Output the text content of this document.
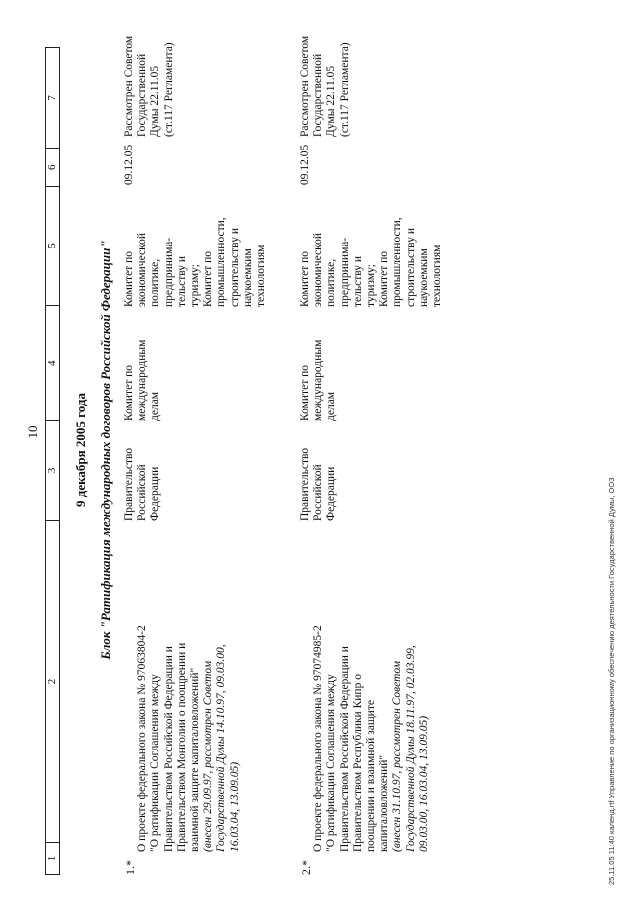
10
1
2
3
4
5
6
7
9 декабря 2005 года Блок "Ратификация международных договоров Российской Федерации"
1.*

О проекте федерального закона № 97063804-2
"О ратификации Соглашения между
Правительством Российской Федерации и
Правительством Монголии о поощрении и
взаимной защите капиталовложений"

(внесен 29.09.97, рассмотрен Советом
Государственной Думы 14.10.97, 09.03.00,
16.03.04, 13.09.05)

Правительство
Российской
Федерации
Комитет по
международным
делам
Комитет по
экономической
политике,
предпринима-
тельству и
туризму;
Комитет по
промышленности,
строительству и
наукоемким
технологиям
09.12.05
Рассмотрен Советом
Государственной
Думы 22.11.05
(ст.117 Регламента)
2.*

О проекте федерального закона № 97074985-2
"О ратификации Соглашения между
Правительством Российской Федерации и
Правительством Республики Кипр о
поощрении и взаимной защите
капиталовложений" (внесен 31.10.97, рассмотрен Советом
Государственной Думы 18.11.97, 02.03.99,
09.03.00, 16.03.04, 13.09.05)

Правительство
Российской
Федерации
Комитет по
международным
делам
Комитет по
экономической
политике,
предпринима-
тельству и
туризму;
Комитет по
промышленности,
строительству и
наукоемким
технологиям
09.12.05
Рассмотрен Советом
Государственной
Думы 22.11.05
(ст.117 Регламента)
25.11.05 11:40 календ.rtf Управление по организационному обеспечению деятельности Государственной Думы, ООЗ
